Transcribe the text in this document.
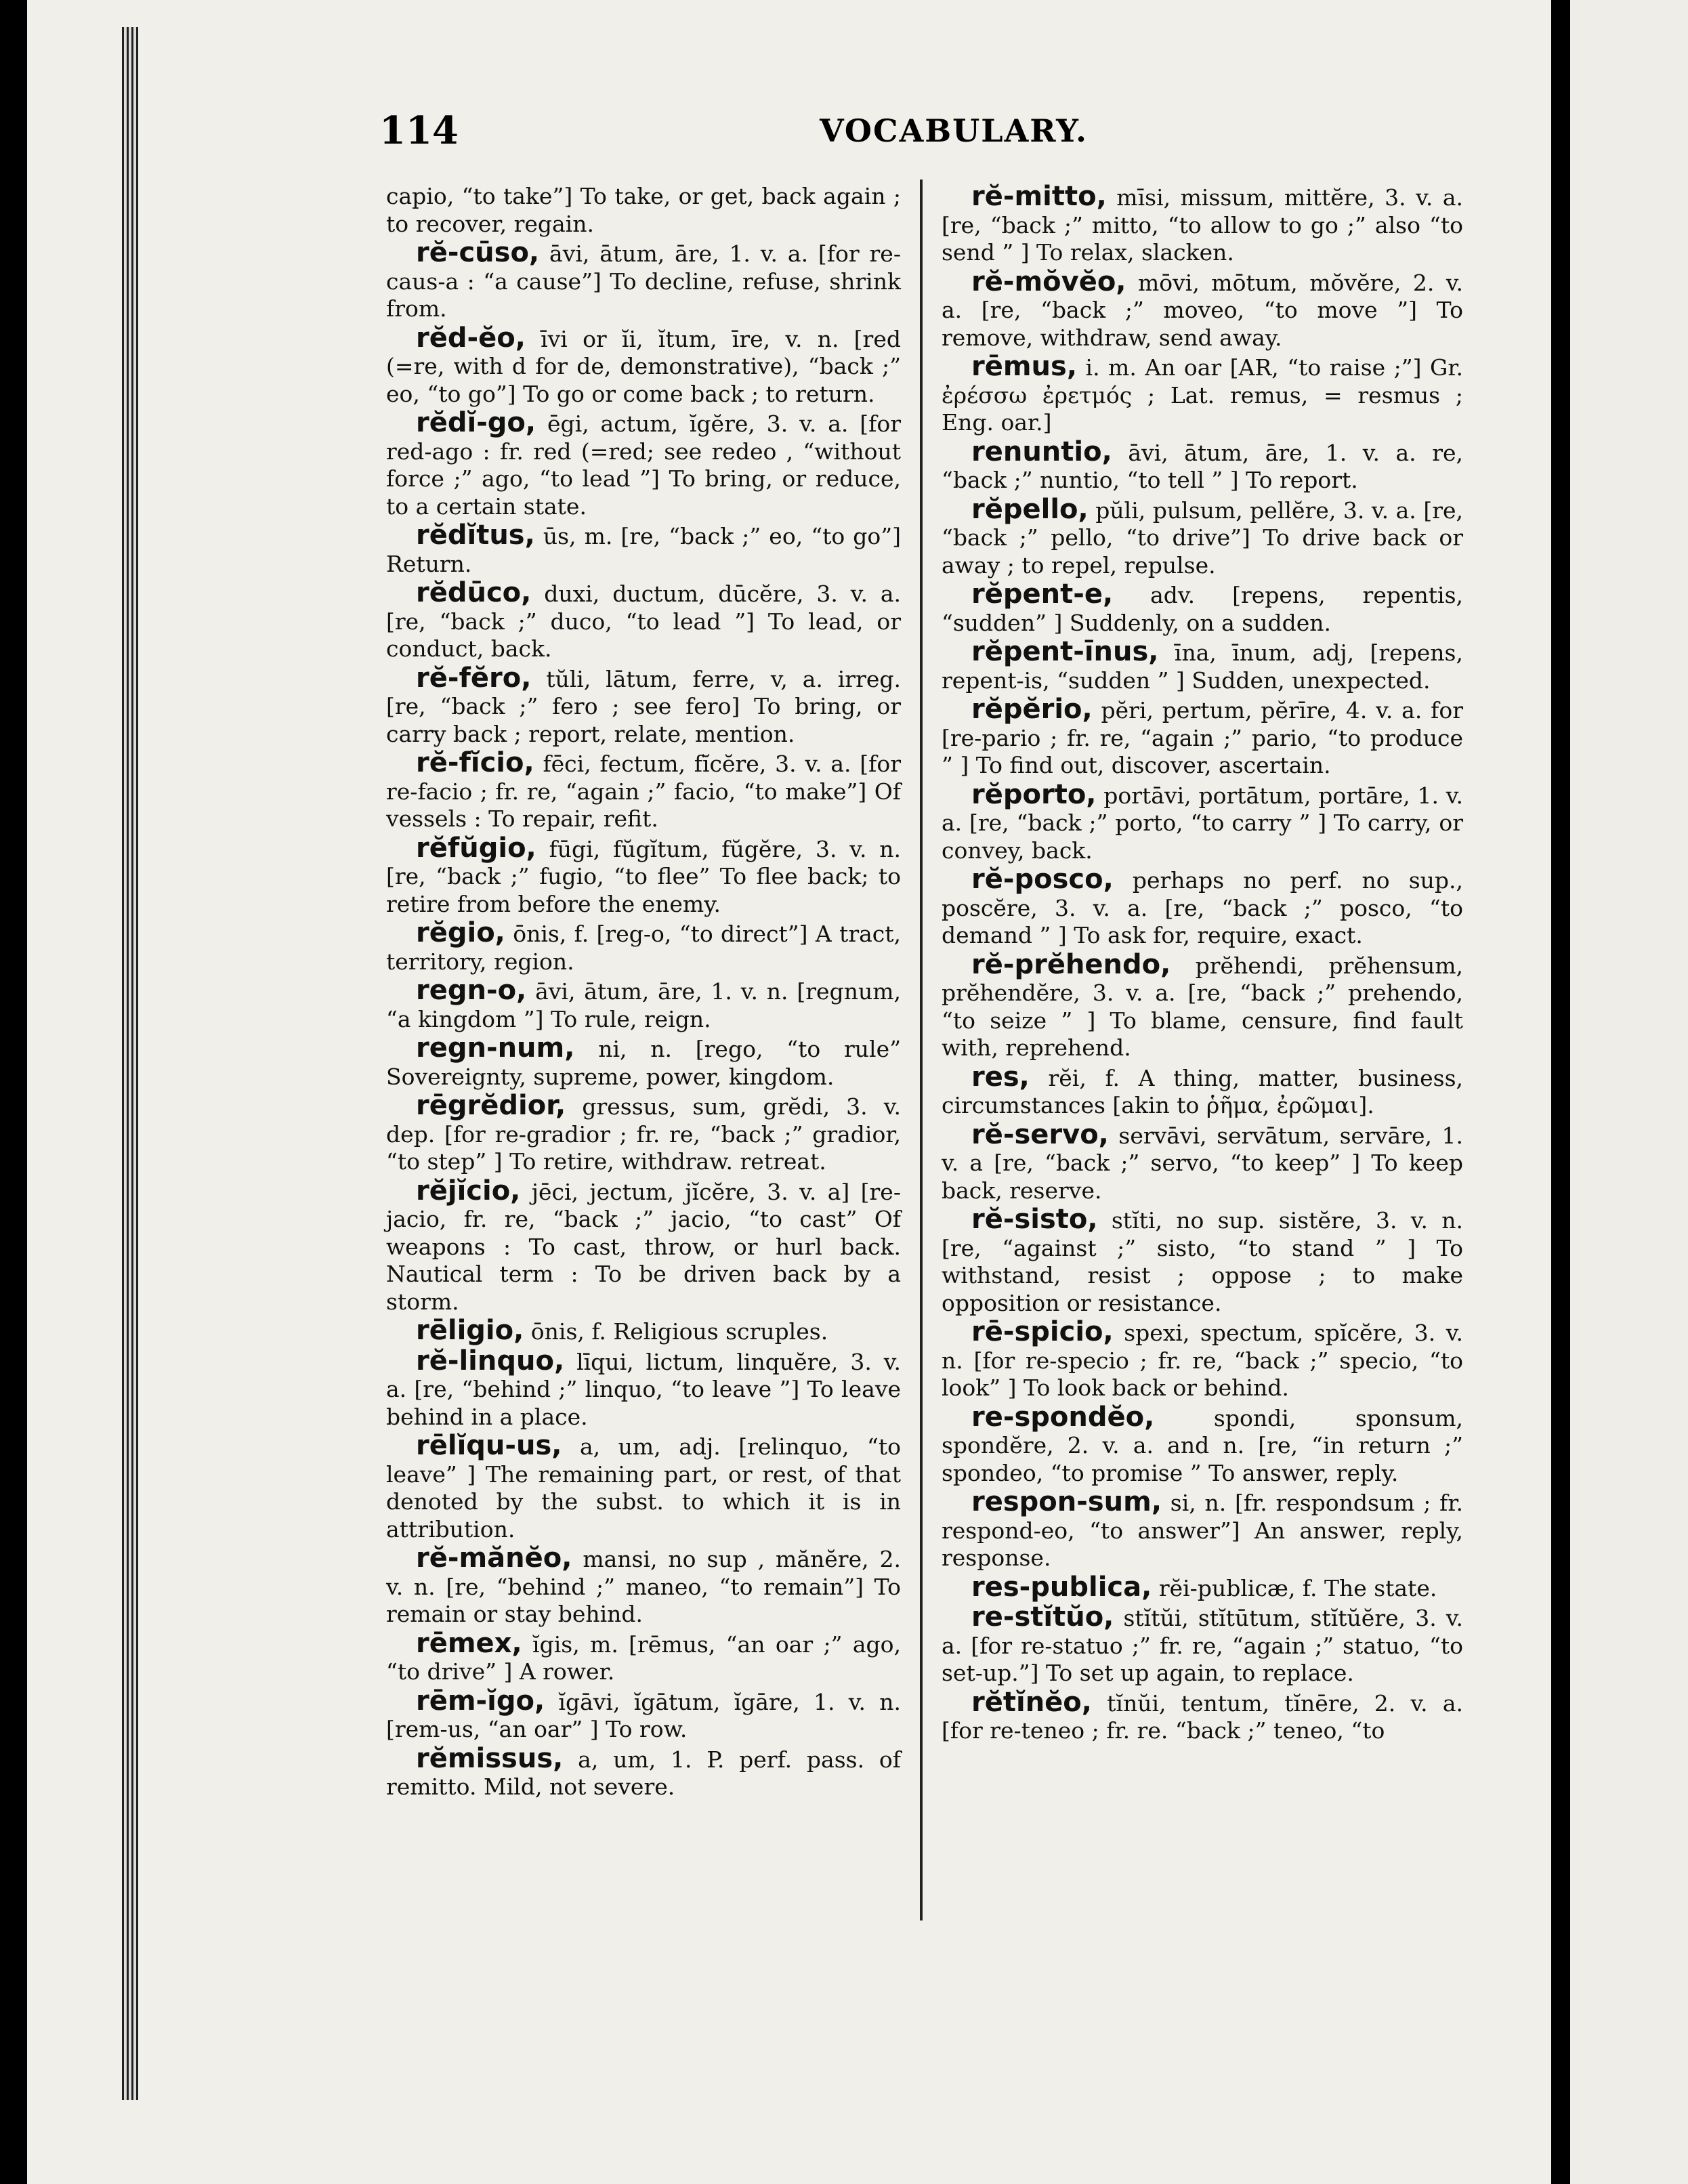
114	VOCABULARY.
capio, “to take”] To take, or get, back again ; to recover, regain.
rĕ-cūso, āvi, ātum, āre, 1. v. a. [for re-caus-a : “a cause”] To decline, refuse, shrink from.
rĕd-ĕo, īvi or ĭi, ĭtum, īre, v. n. [red (=re, with d for de, demonstrative), “back ;” eo, “to go”] To go or come back ; to return.
rĕdĭ-go, ēgi, actum, ĭgĕre, 3. v. a. [for red-ago : fr. red (=red; see redeo , “without force ;” ago, “to lead ”] To bring, or reduce, to a certain state.
rĕdĭtus, ūs, m. [re, “back ;” eo, “to go”] Return.
rĕdūco, duxi, ductum, dūcĕre, 3. v. a. [re, “back ;” duco, “to lead ”] To lead, or conduct, back.
rĕ-fĕro, tŭli, lātum, ferre, v, a. irreg. [re, “back ;” fero ; see fero] To bring, or carry back ; report, relate, mention.
rĕ-fĭcio, fēci, fectum, fĭcĕre, 3. v. a. [for re-facio ; fr. re, “again ;” facio, “to make”] Of vessels : To repair, refit.
rĕfŭgio, fūgi, fŭgĭtum, fŭgĕre, 3. v. n. [re, “back ;” fugio, “to flee” To flee back; to retire from before the enemy.
rĕgio, ōnis, f. [reg-o, “to direct”] A tract, territory, region.
regn-o, āvi, ātum, āre, 1. v. n. [regnum, “a kingdom ”] To rule, reign.
regn-num, ni, n. [rego, “to rule” Sovereignty, supreme, power, kingdom.
rēgrĕdior, gressus, sum, grĕdi, 3. v. dep. [for re-gradior ; fr. re, “back ;” gradior, “to step” ] To retire, withdraw. retreat.
rĕjĭcio, jēci, jectum, jĭcĕre, 3. v. a] [re-jacio, fr. re, “back ;” jacio, “to cast” Of weapons : To cast, throw, or hurl back. Nautical term : To be driven back by a storm.
rēligio, ōnis, f. Religious scruples.
rĕ-linquo, līqui, lictum, linquĕre, 3. v. a. [re, “behind ;” linquo, “to leave ”] To leave behind in a place.
rēlĭqu-us, a, um, adj. [relinquo, “to leave” ] The remaining part, or rest, of that denoted by the subst. to which it is in attribution.
rĕ-mănĕo, mansi, no sup , mănĕre, 2. v. n. [re, “behind ;” maneo, “to remain”] To remain or stay behind.
rēmex, ĭgis, m. [rēmus, “an oar ;” ago, “to drive” ] A rower.
rēm-ĭgo, ĭgāvi, ĭgātum, ĭgāre, 1. v. n. [rem-us, “an oar” ] To row.
rĕmissus, a, um, 1. P. perf. pass. of remitto. Mild, not severe.
rĕ-mitto, mīsi, missum, mittĕre, 3. v. a. [re, “back ;” mitto, “to allow to go ;” also “to send ” ] To relax, slacken.
rĕ-mŏvĕo, mōvi, mōtum, mŏvĕre, 2. v. a. [re, “back ;” moveo, “to move ”] To remove, withdraw, send away.
rēmus, i. m. An oar [AR, “to raise ;”] Gr. ἐρέσσω ἐρετμός ; Lat. remus, = resmus ; Eng. oar.]
renuntio, āvi, ātum, āre, 1. v. a. re, “back ;” nuntio, “to tell ” ] To report.
rĕpello, pŭli, pulsum, pellĕre, 3. v. a. [re, “back ;” pello, “to drive”] To drive back or away ; to repel, repulse.
rĕpent-e, adv. [repens, repentis, “sudden” ] Suddenly, on a sudden.
rĕpent-īnus, īna, īnum, adj, [repens, repent-is, “sudden ” ] Sudden, unexpected.
rĕpĕrio, pĕri, pertum, pĕrīre, 4. v. a. for [re-pario ; fr. re, “again ;” pario, “to produce ” ] To find out, discover, ascertain.
rĕporto, portāvi, portātum, portāre, 1. v. a. [re, “back ;” porto, “to carry ” ] To carry, or convey, back.
rĕ-posco, perhaps no perf. no sup., poscĕre, 3. v. a. [re, “back ;” posco, “to demand ” ] To ask for, require, exact.
rĕ-prĕhendo, prĕhendi, prĕhensum, prĕhendĕre, 3. v. a. [re, “back ;” prehendo, “to seize ” ] To blame, censure, find fault with, reprehend.
res, rĕi, f. A thing, matter, business, circumstances [akin to ῥῆμα, ἐρῶμαι].
rĕ-servo, servāvi, servātum, servāre, 1. v. a [re, “back ;” servo, “to keep” ] To keep back, reserve.
rĕ-sisto, stĭti, no sup. sistĕre, 3. v. n. [re, “against ;” sisto, “to stand ” ] To withstand, resist ; oppose ; to make opposition or resistance.
rē-spicio, spexi, spectum, spĭcĕre, 3. v. n. [for re-specio ; fr. re, “back ;” specio, “to look” ] To look back or behind.
re-spondĕo,	spondi, sponsum, spondĕre, 2. v. a. and n. [re, “in return ;” spondeo, “to promise ” To answer, reply.
respon-sum, si, n. [fr. respondsum ; fr. respond-eo, “to answer”] An answer, reply, response.
res-publica, rĕi-publicæ, f. The state.
re-stĭtŭo, stĭtŭi, stĭtūtum, stĭtŭĕre, 3. v. a. [for re-statuo ;” fr. re, “again ;” statuo, “to set-up.”] To set up again, to replace.
rĕtĭnĕo, tĭnŭi, tentum, tĭnēre, 2. v. a. [for re-teneo ; fr. re. “back ;” teneo, “to
